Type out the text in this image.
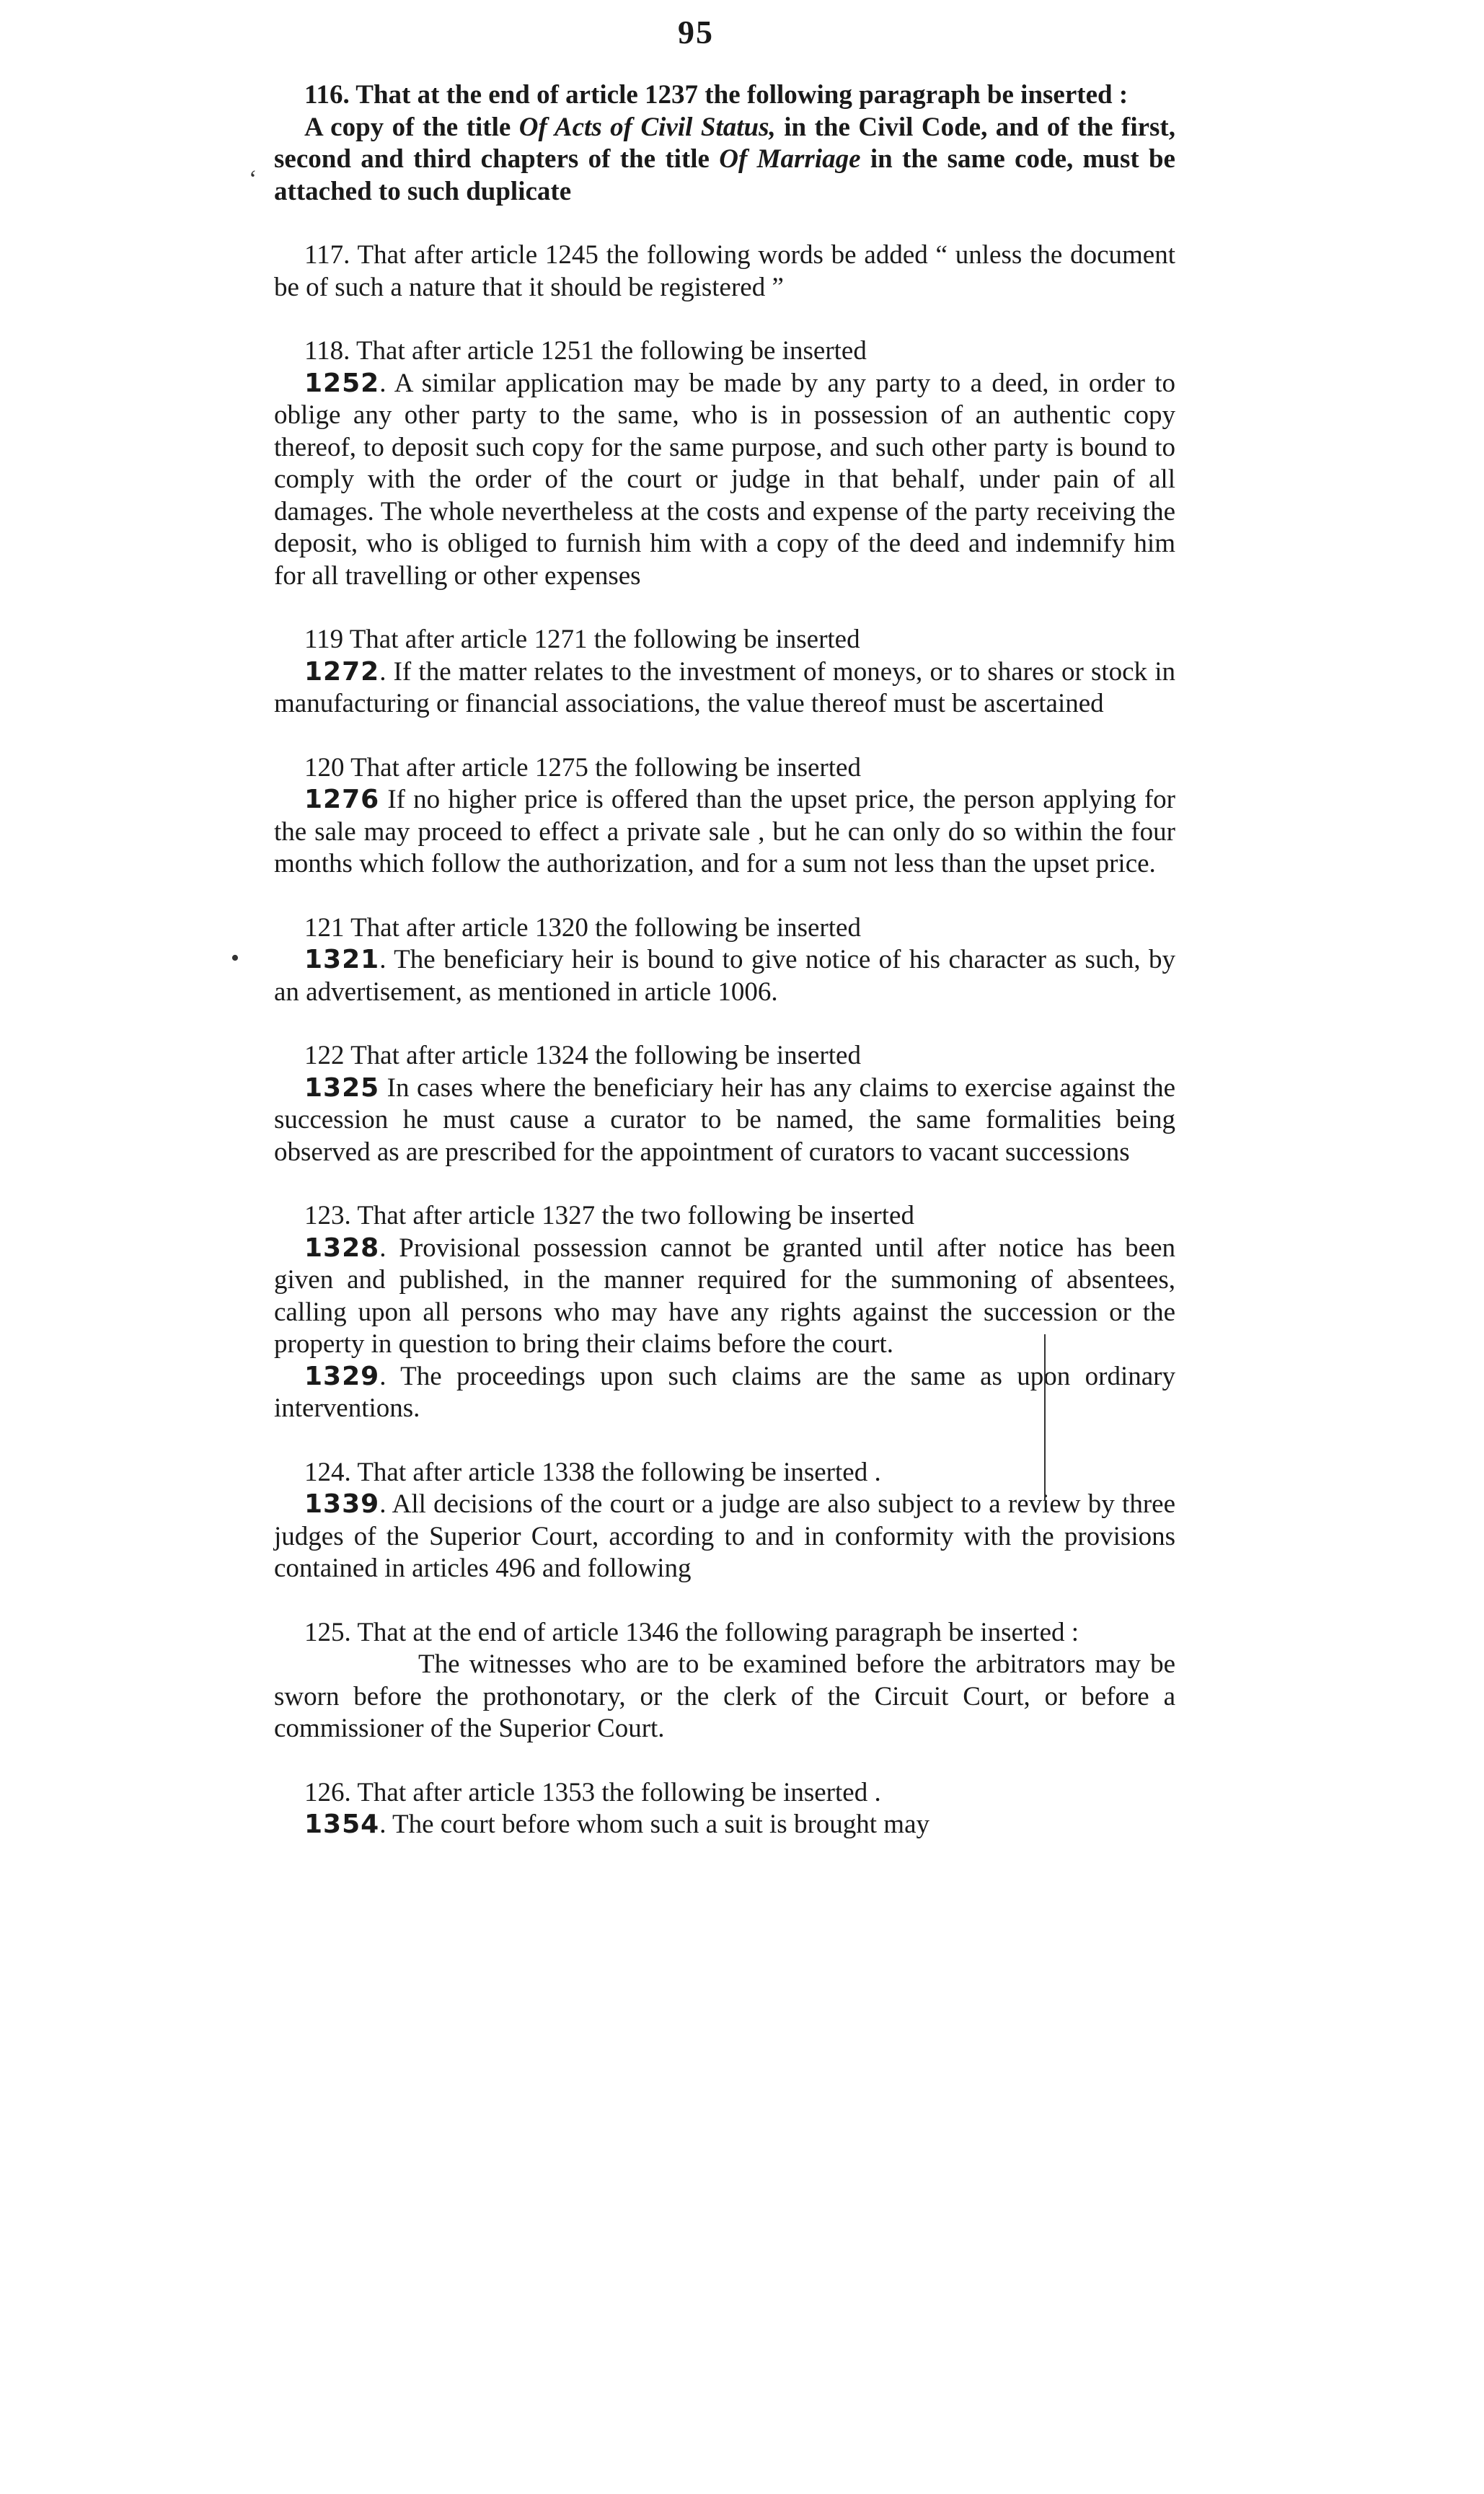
95

116. That at the end of article 1237 the following paragraph be inserted :

A copy of the title Of Acts of Civil Status, in the Civil Code, and of the first, second and third chapters of the title Of Marriage in the same code, must be attached to such duplicate

117. That after article 1245 the following words be added “ unless the document be of such a nature that it should be registered ”

118. That after article 1251 the following be inserted

1252. A similar application may be made by any party to a deed, in order to oblige any other party to the same, who is in possession of an authentic copy thereof, to deposit such copy for the same purpose, and such other party is bound to comply with the order of the court or judge in that behalf, under pain of all damages. The whole nevertheless at the costs and expense of the party receiving the deposit, who is obliged to furnish him with a copy of the deed and indemnify him for all travelling or other expenses

119 That after article 1271 the following be inserted

1272. If the matter relates to the investment of moneys, or to shares or stock in manufacturing or financial associations, the value thereof must be ascertained

120 That after article 1275 the following be inserted

1276 If no higher price is offered than the upset price, the person applying for the sale may proceed to effect a private sale , but he can only do so within the four months which follow the authorization, and for a sum not less than the upset price.

121 That after article 1320 the following be inserted

1321. The beneficiary heir is bound to give notice of his character as such, by an advertisement, as mentioned in article 1006.

122 That after article 1324 the following be inserted

1325 In cases where the beneficiary heir has any claims to exercise against the succession he must cause a curator to be named, the same formalities being observed as are prescribed for the appointment of curators to vacant successions

123. That after article 1327 the two following be inserted

1328. Provisional possession cannot be granted until after notice has been given and published, in the manner required for the summoning of absentees, calling upon all persons who may have any rights against the succession or the property in question to bring their claims before the court.

1329. The proceedings upon such claims are the same as upon ordinary interventions.

124. That after article 1338 the following be inserted .

1339. All decisions of the court or a judge are also subject to a review by three judges of the Superior Court, according to and in conformity with the provisions contained in articles 496 and following

125. That at the end of article 1346 the following paragraph be inserted :

The witnesses who are to be examined before the arbitrators may be sworn before the prothonotary, or the clerk of the Circuit Court, or before a commissioner of the Superior Court.

126. That after article 1353 the following be inserted .

1354. The court before whom such a suit is brought may

•
‘
